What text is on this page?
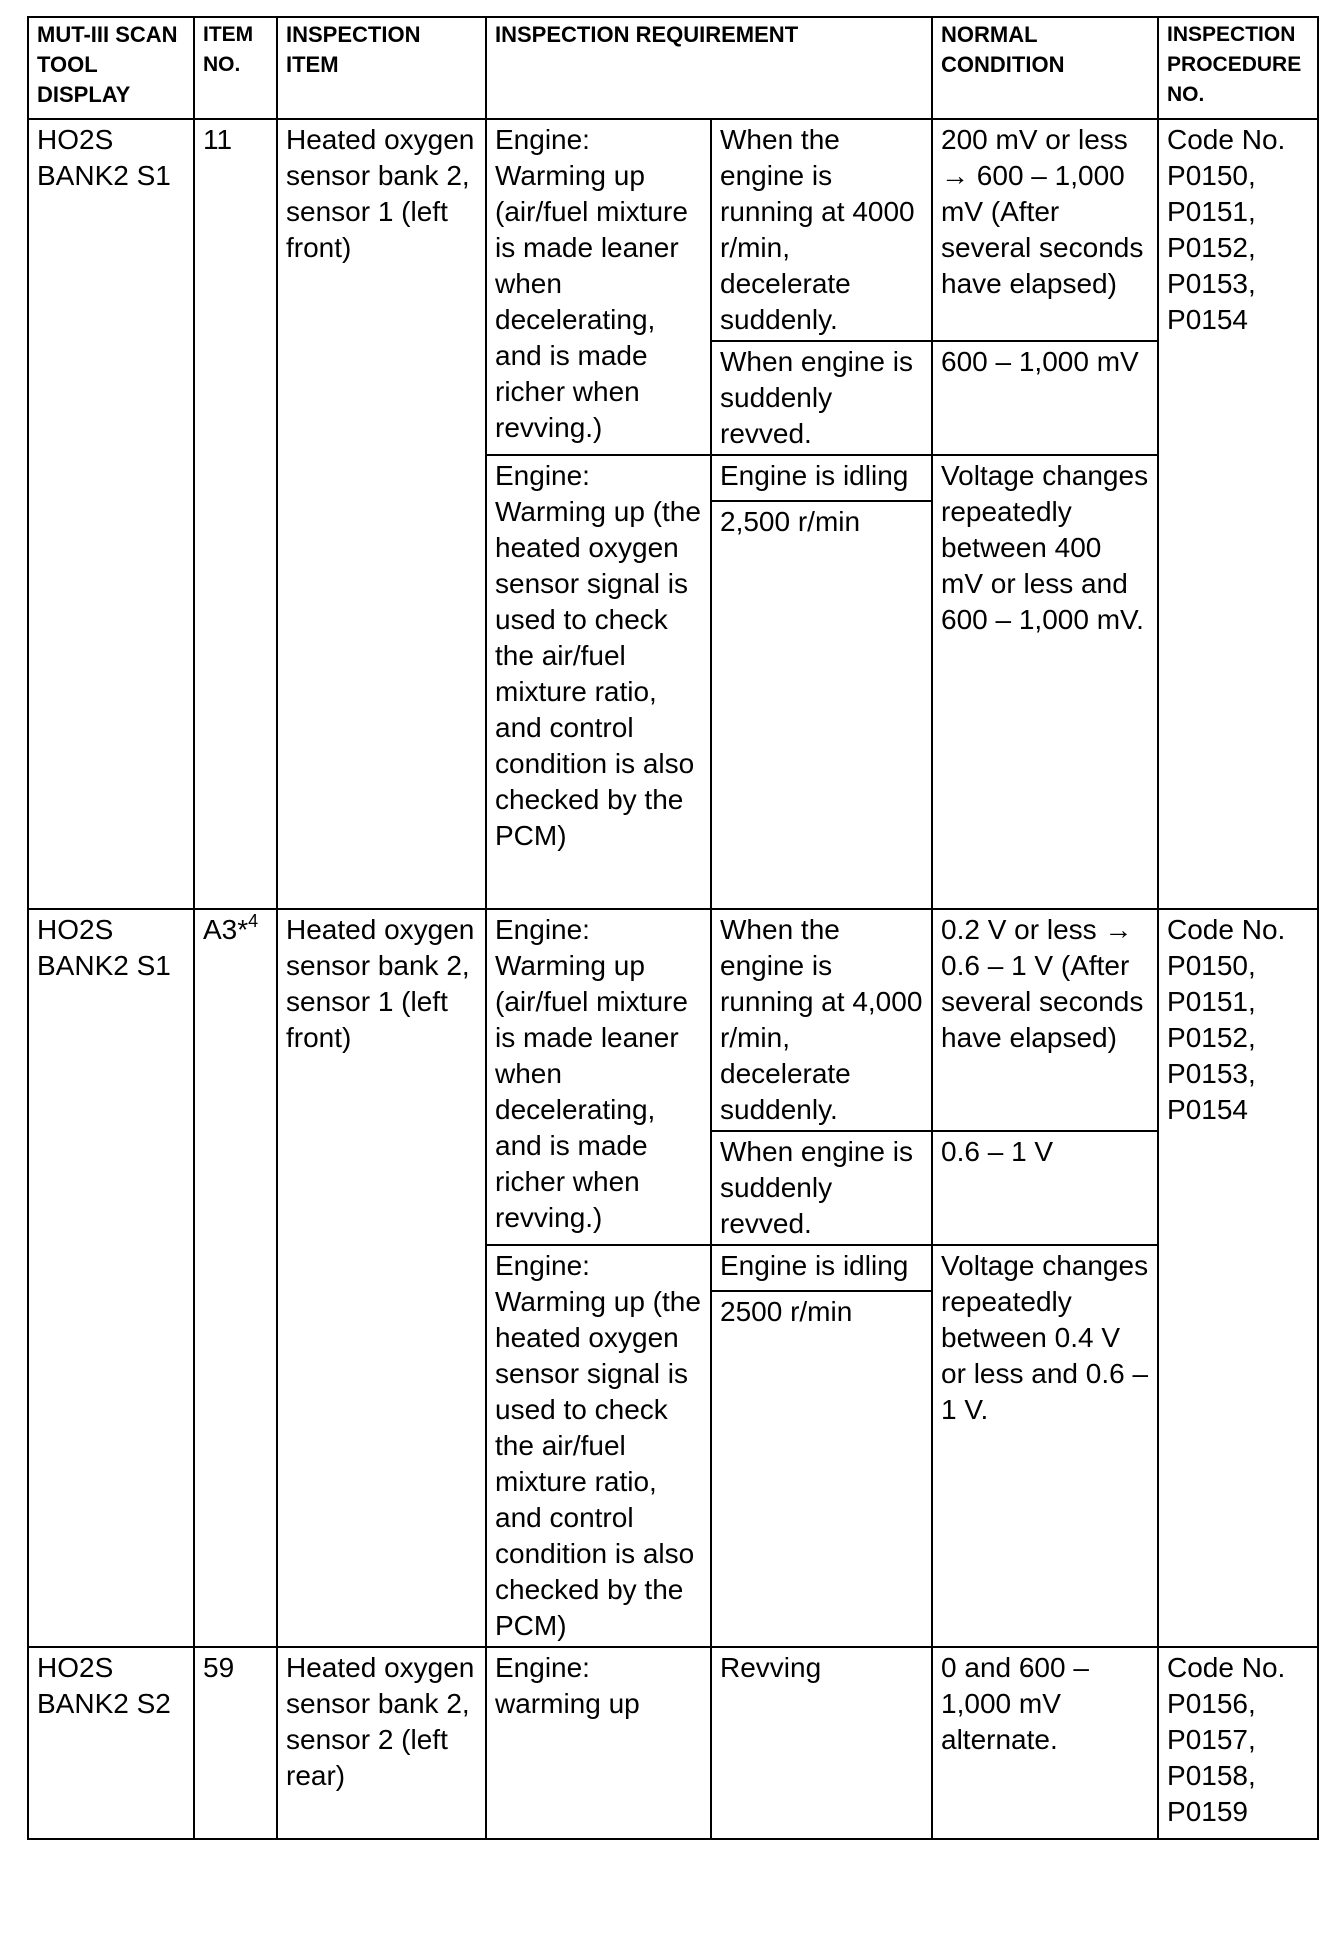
MUT-III SCAN TOOL DISPLAY	ITEM NO.	INSPECTION ITEM	INSPECTION REQUIREMENT		NORMAL CONDITION	INSPECTION PROCEDURE NO.
HO2S BANK2 S1	11	Heated oxygen sensor bank 2, sensor 1 (left front)	Engine: Warming up (air/fuel mixture is made leaner when decelerating, and is made richer when revving.)	When the engine is running at 4000 r/min, decelerate suddenly.	200 mV or less → 600 – 1,000 mV (After several seconds have elapsed)	Code No. P0150, P0151, P0152, P0153, P0154
				When engine is suddenly revved.	600 – 1,000 mV	
			Engine: Warming up (the heated oxygen sensor signal is used to check the air/fuel mixture ratio, and control condition is also checked by the PCM)	Engine is idling	Voltage changes repeatedly between 400 mV or less and 600 – 1,000 mV.	
				2,500 r/min		

HO2S BANK2 S1	A3*$^4$	Heated oxygen sensor bank 2, sensor 1 (left front)	Engine: Warming up (air/fuel mixture is made leaner when decelerating, and is made richer when revving.)	When the engine is running at 4,000 r/min, decelerate suddenly.	0.2 V or less → 0.6 – 1 V (After several seconds have elapsed)	Code No. P0150, P0151, P0152, P0153, P0154
				When engine is suddenly revved.	0.6 – 1 V	
			Engine: Warming up (the heated oxygen sensor signal is used to check the air/fuel mixture ratio, and control condition is also checked by the PCM)	Engine is idling	Voltage changes repeatedly between 0.4 V or less and 0.6 – 1 V.	
				2500 r/min		

HO2S BANK2 S2	59	Heated oxygen sensor bank 2, sensor 2 (left rear)	Engine: warming up	Revving	0 and 600 – 1,000 mV alternate.	Code No. P0156, P0157, P0158, P0159
